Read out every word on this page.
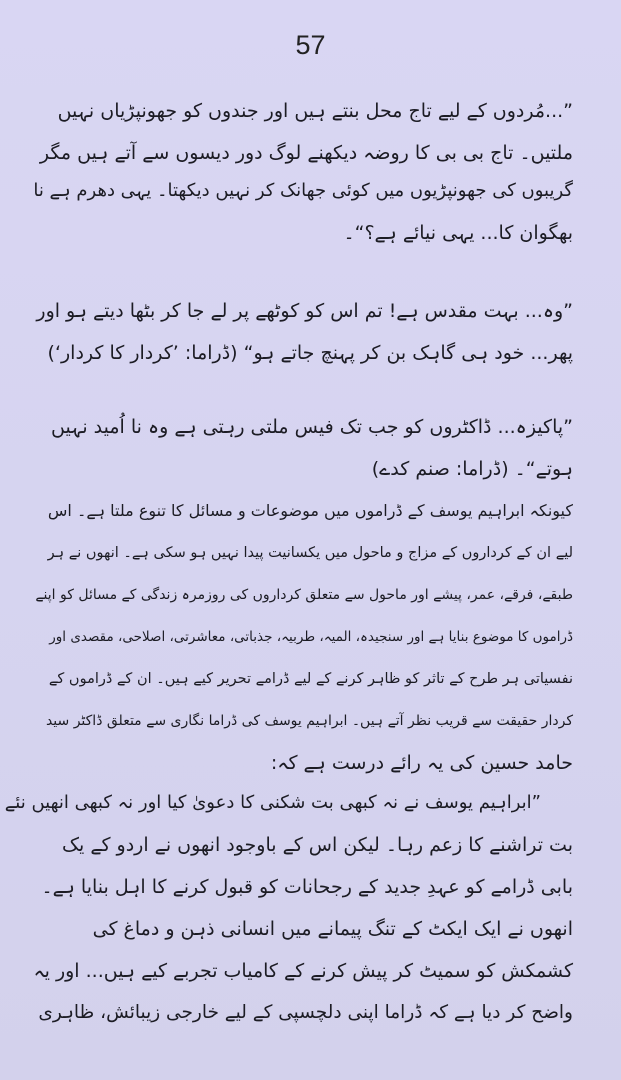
57
”...مُردوں کے لیے تاج محل بنتے ہیں اور جندوں کو جھونپڑیاں نہیں
ملتیں۔ تاج بی بی کا روضہ دیکھنے لوگ دور دیسوں سے آتے ہیں مگر
گریبوں کی جھونپڑیوں میں کوئی جھانک کر نہیں دیکھتا۔ یہی دھرم ہے نا
بھگوان کا... یہی نیائے ہے؟“۔
”وہ... بہت مقدس ہے! تم اس کو کوٹھے پر لے جا کر بٹھا دیتے ہو اور
پھر... خود ہی گاہک بن کر پہنچ جاتے ہو“ (ڈراما: ’کردار کا کردار‘)
”پاکیزہ... ڈاکٹروں کو جب تک فیس ملتی رہتی ہے وہ نا اُمید نہیں
ہوتے“۔ (ڈراما: صنم کدے)
کیونکہ ابراہیم یوسف کے ڈراموں میں موضوعات و مسائل کا تنوع ملتا ہے۔ اس
لیے ان کے کرداروں کے مزاج و ماحول میں یکسانیت پیدا نہیں ہو سکی ہے۔ انھوں نے ہر
طبقے، فرقے، عمر، پیشے اور ماحول سے متعلق کرداروں کی روزمرہ زندگی کے مسائل کو اپنے
ڈراموں کا موضوع بنایا ہے اور سنجیدہ، المیہ، طربیہ، جذباتی، معاشرتی، اصلاحی، مقصدی اور
نفسیاتی ہر طرح کے تاثر کو ظاہر کرنے کے لیے ڈرامے تحریر کیے ہیں۔ ان کے ڈراموں کے
کردار حقیقت سے قریب نظر آتے ہیں۔ ابراہیم یوسف کی ڈراما نگاری سے متعلق ڈاکٹر سید
حامد حسین کی یہ رائے درست ہے کہ:
”ابراہیم یوسف نے نہ کبھی بت شکنی کا دعویٰ کیا اور نہ کبھی انھیں نئے
بت تراشنے کا زعم رہا۔ لیکن اس کے باوجود انھوں نے اردو کے یک
بابی ڈرامے کو عہدِ جدید کے رجحانات کو قبول کرنے کا اہل بنایا ہے۔
انھوں نے ایک ایکٹ کے تنگ پیمانے میں انسانی ذہن و دماغ کی
کشمکش کو سمیٹ کر پیش کرنے کے کامیاب تجربے کیے ہیں... اور یہ
واضح کر دیا ہے کہ ڈراما اپنی دلچسپی کے لیے خارجی زیبائش، ظاہری
